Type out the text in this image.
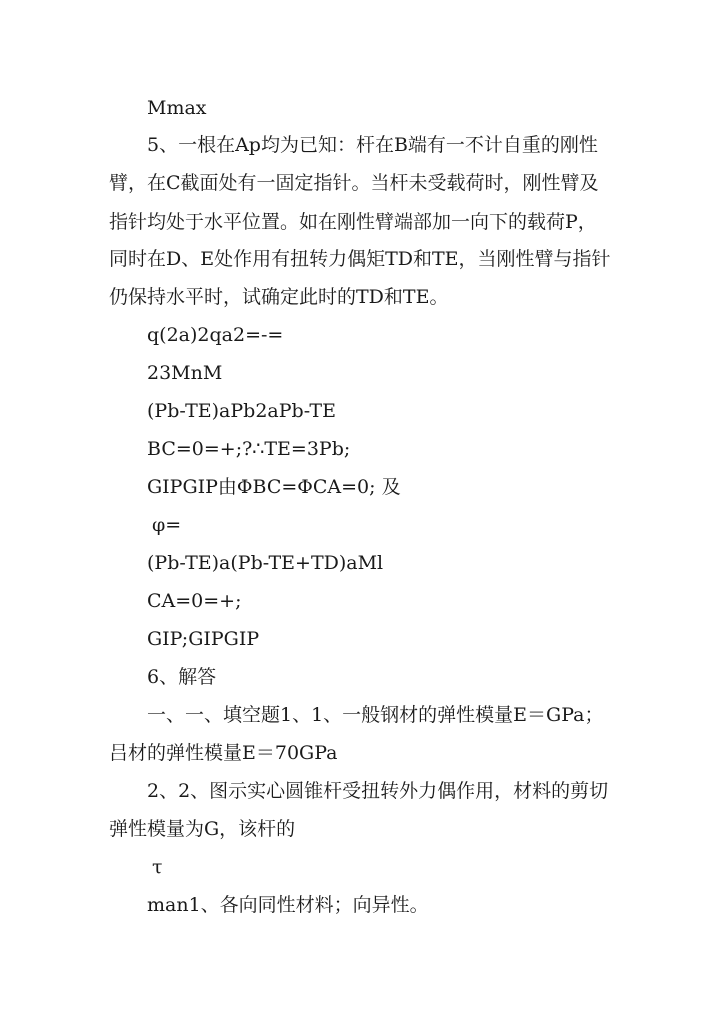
Mmax

5、一根在Ap均为已知：杆在B端有一不计自重的刚性

臂，在C截面处有一固定指针。当杆未受载荷时，刚性臂及

指针均处于水平位置。如在刚性臂端部加一向下的载荷P，

同时在D、E处作用有扭转力偶矩TD和TE，当刚性臂与指针

仍保持水平时，试确定此时的TD和TE。

q(2a)2qa2=-=

23MnM

(Pb-TE)aPb2aPb-TE

BC=0=+;?∴TE=3Pb;

GIPGIP由ΦBC=ΦCA=0; 及

φ=

(Pb-TE)a(Pb-TE+TD)aMl

CA=0=+;

GIP;GIPGIP

6、解答

一、一、填空题1、1、一般钢材的弹性模量E＝GPa；

吕材的弹性模量E＝70GPa

2、2、图示实心圆锥杆受扭转外力偶作用，材料的剪切

弹性模量为G，该杆的

τ

man1、各向同性材料；向异性。
